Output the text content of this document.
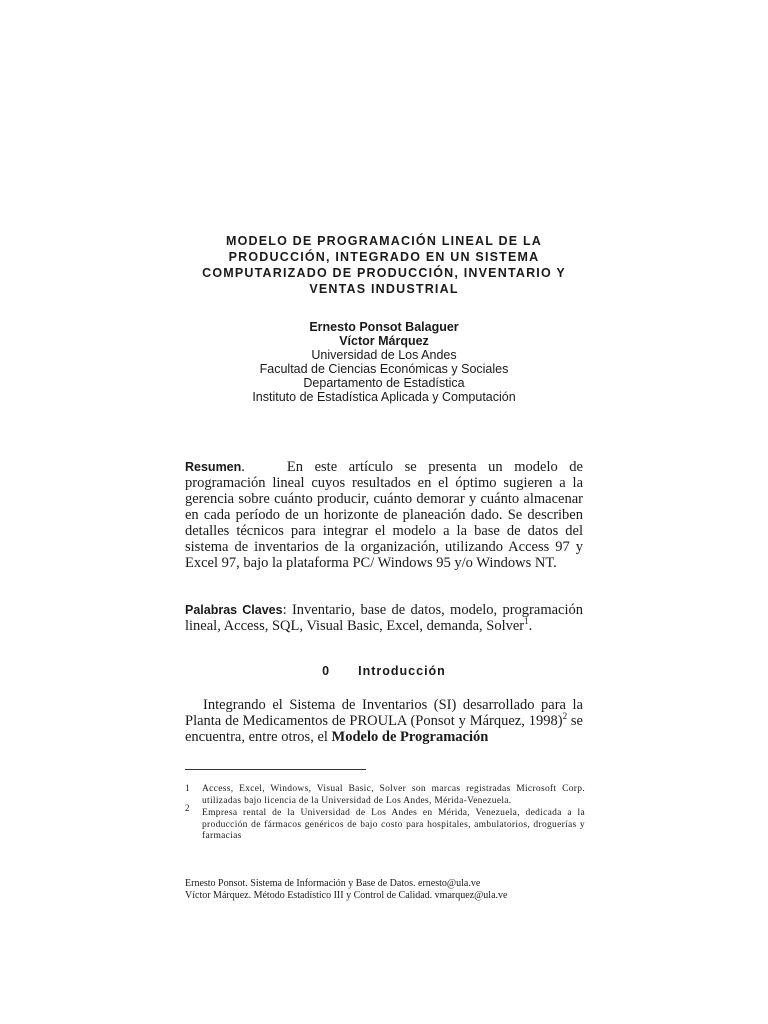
MODELO DE PROGRAMACIÓN LINEAL DE LA
PRODUCCIÓN, INTEGRADO EN UN SISTEMA
COMPUTARIZADO DE PRODUCCIÓN, INVENTARIO Y
VENTAS INDUSTRIAL
Ernesto Ponsot Balaguer
Víctor Márquez
Universidad de Los Andes
Facultad de Ciencias Económicas y Sociales
Departamento de Estadística
Instituto de Estadística Aplicada y Computación
Resumen.	En este artículo se presenta un modelo de programación lineal cuyos resultados en el óptimo sugieren a la gerencia sobre cuánto producir, cuánto demorar y cuánto almacenar en cada período de un horizonte de planeación dado. Se describen detalles técnicos para integrar el modelo a la base de datos del sistema de inventarios de la organización, utilizando Access 97 y Excel 97, bajo la plataforma PC/ Windows 95 y/o Windows NT.
Palabras Claves: Inventario, base de datos, modelo, programación lineal, Access, SQL, Visual Basic, Excel, demanda, Solver$^1$.
0 Introducción
Integrando el Sistema de Inventarios (SI) desarrollado para la Planta de Medicamentos de PROULA (Ponsot y Márquez, 1998)$^2$ se encuentra, entre otros, el Modelo de Programación
1	Access, Excel, Windows, Visual Basic, Solver son marcas registradas Microsoft Corp. utilizadas bajo licencia de la Universidad de Los Andes, Mérida-Venezuela.
$^2$	Empresa rental de la Universidad de Los Andes en Mérida, Venezuela, dedicada a la producción de fármacos genéricos de bajo costo para hospitales, ambulatorios, droguerías y farmacias
Ernesto Ponsot. Sistema de Información y Base de Datos. ernesto@ula.ve
Víctor Márquez. Método Estadístico III y Control de Calidad. vmarquez@ula.ve
